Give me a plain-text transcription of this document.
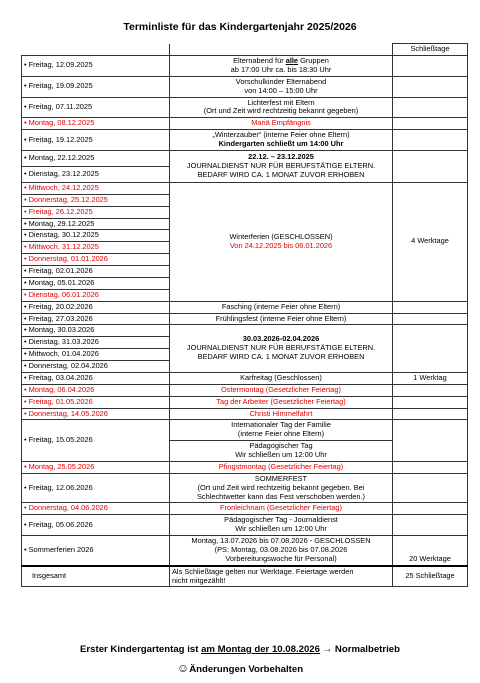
Terminliste für das Kindergartenjahr 2025/2026
		Schließtage
• Freitag, 12.09.2025	Elternabend für alle Gruppen
ab 17:00 Uhr ca. bis 18:30 Uhr	

• Freitag, 19.09.2025	Vorschulkinder Elternabend
von 14:00 – 15:00 Uhr	

• Freitag, 07.11.2025	Lichterfest mit Eltern
(Ort und Zeit wird rechtzeitig bekannt gegeben)	

• Montag, 08.12.2025	Mariä Empfängnis	
• Freitag, 19.12.2025	„Winterzauber“ (interne Feier ohne Eltern)
Kindergarten schließt um 14:00 Uhr	

• Montag, 22.12.2025	22.12. – 23.12.2025
JOURNALDIENST NUR FÜR BERUFSTÄTIGE ELTERN.
BEDARF WIRD CA. 1 MONAT ZUVOR ERHOBEN	

• Dienstag, 23.12.2025
• Mittwoch, 24.12.2025	Winterferien (GESCHLOSSEN)
Von 24.12.2025 bis 06.01.2026	4 Werktage
• Donnerstag, 25.12.2025
• Freitag, 26.12.2025
• Montag, 29.12.2025
• Dienstag, 30.12.2025
• Mittwoch, 31.12.2025
• Donnerstag, 01.01.2026
• Freitag, 02.01.2026
• Montag, 05.01.2026
• Dienstag, 06.01.2026
• Freitag, 20.02.2026	Fasching (interne Feier ohne Eltern)	
• Freitag, 27.03.2026	Frühlingsfest (interne Feier ohne Eltern)	
• Montag, 30.03.2026	30.03.2026-02.04.2026
JOURNALDIENST NUR FÜR BERUFSTÄTIGE ELTERN.
BEDARF WIRD CA. 1 MONAT ZUVOR ERHOBEN	

• Dienstag, 31.03.2026
• Mittwoch, 01.04.2026
• Donnerstag, 02.04.2026
• Freitag, 03.04.2026	Karfreitag (Geschlossen)	1 Werktag
• Montag, 06.04.2026	Ostermontag (Gesetzlicher Feiertag)	
• Freitag, 01.05.2026	Tag der Arbeiter (Gesetzlicher Feiertag)	
• Donnerstag, 14.05.2026	Christi Himmelfahrt	
• Freitag, 15.05.2026	Internationaler Tag der Familie
(interne Feier ohne Eltern)	

	Pädagogischer Tag
Wir schließen um 12:00 Uhr	

• Montag, 25.05.2026	Pfingstmontag (Gesetzlicher Feiertag)	
• Freitag, 12.06.2026	SOMMERFEST
(Ort und Zeit wird rechtzeitig bekannt gegeben. Bei
Schlechtwetter kann das Fest verschoben werden.)	

• Donnerstag, 04.06.2026	Fronleichnam (Gesetzlicher Feiertag)	
• Freitag, 05.06.2026	Pädagogischer Tag - Journaldienst
Wir schließen um 12:00 Uhr	

• Sommerferien 2026	Montag, 13.07.2026 bis 07.08.2026 - GESCHLOSSEN
(PS: Montag, 03.08.2026 bis 07.08.2026
Vorbereitungswoche für Personal)	20 Werktage
Insgesamt	Als Schließtage gelten nur Werktage. Feiertage werden
nicht mitgezählt!	25 Schließtage
Erster Kindergartentag ist am Montag der 10.08.2026 → Normalbetrieb
☺Änderungen Vorbehalten
